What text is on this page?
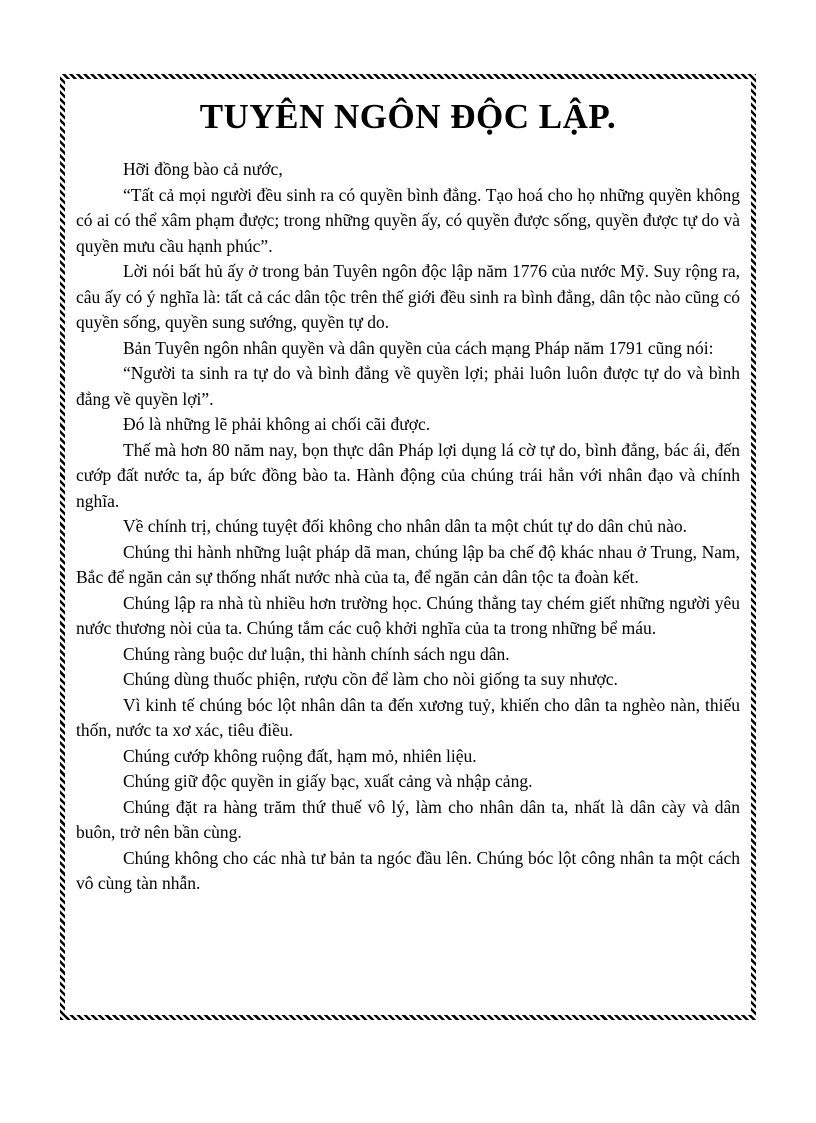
TUYÊN NGÔN ĐỘC LẬP.

Hỡi đồng bào cả nước,

“Tất cả mọi người đều sinh ra có quyền bình đẳng. Tạo hoá cho họ những quyền không có ai có thể xâm phạm được; trong những quyền ấy, có quyền được sống, quyền được tự do và quyền mưu cầu hạnh phúc”.

Lời nói bất hủ ấy ở trong bản Tuyên ngôn độc lập năm 1776 của nước Mỹ. Suy rộng ra, câu ấy có ý nghĩa là: tất cả các dân tộc trên thế giới đều sinh ra bình đẳng, dân tộc nào cũng có quyền sống, quyền sung sướng, quyền tự do.

Bản Tuyên ngôn nhân quyền và dân quyền của cách mạng Pháp năm 1791 cũng nói:

“Người ta sinh ra tự do và bình đẳng về quyền lợi; phải luôn luôn được tự do và bình đẳng về quyền lợi”.

Đó là những lẽ phải không ai chối cãi được.

Thế mà hơn 80 năm nay, bọn thực dân Pháp lợi dụng lá cờ tự do, bình đẳng, bác ái, đến cướp đất nước ta, áp bức đồng bào ta. Hành động của chúng trái hẳn với nhân đạo và chính nghĩa.

Về chính trị, chúng tuyệt đối không cho nhân dân ta một chút tự do dân chủ nào.

Chúng thi hành những luật pháp dã man, chúng lập ba chế độ khác nhau ở Trung, Nam, Bắc để ngăn cản sự thống nhất nước nhà của ta, để ngăn cản dân tộc ta đoàn kết.

Chúng lập ra nhà tù nhiều hơn trường học. Chúng thẳng tay chém giết những người yêu nước thương nòi của ta. Chúng tắm các cuộ khởi nghĩa của ta trong những bể máu.

Chúng ràng buộc dư luận, thi hành chính sách ngu dân.

Chúng dùng thuốc phiện, rượu cồn để làm cho nòi giống ta suy nhược.

Vì kinh tế chúng bóc lột nhân dân ta đến xương tuỷ, khiến cho dân ta nghèo nàn, thiếu thốn, nước ta xơ xác, tiêu điều.

Chúng cướp không ruộng đất, hạm mỏ, nhiên liệu.

Chúng giữ độc quyền in giấy bạc, xuất cảng và nhập cảng.

Chúng đặt ra hàng trăm thứ thuế vô lý, làm cho nhân dân ta, nhất là dân cày và dân buôn, trở nên bần cùng.

Chúng không cho các nhà tư bản ta ngóc đầu lên. Chúng bóc lột công nhân ta một cách vô cùng tàn nhẫn.
